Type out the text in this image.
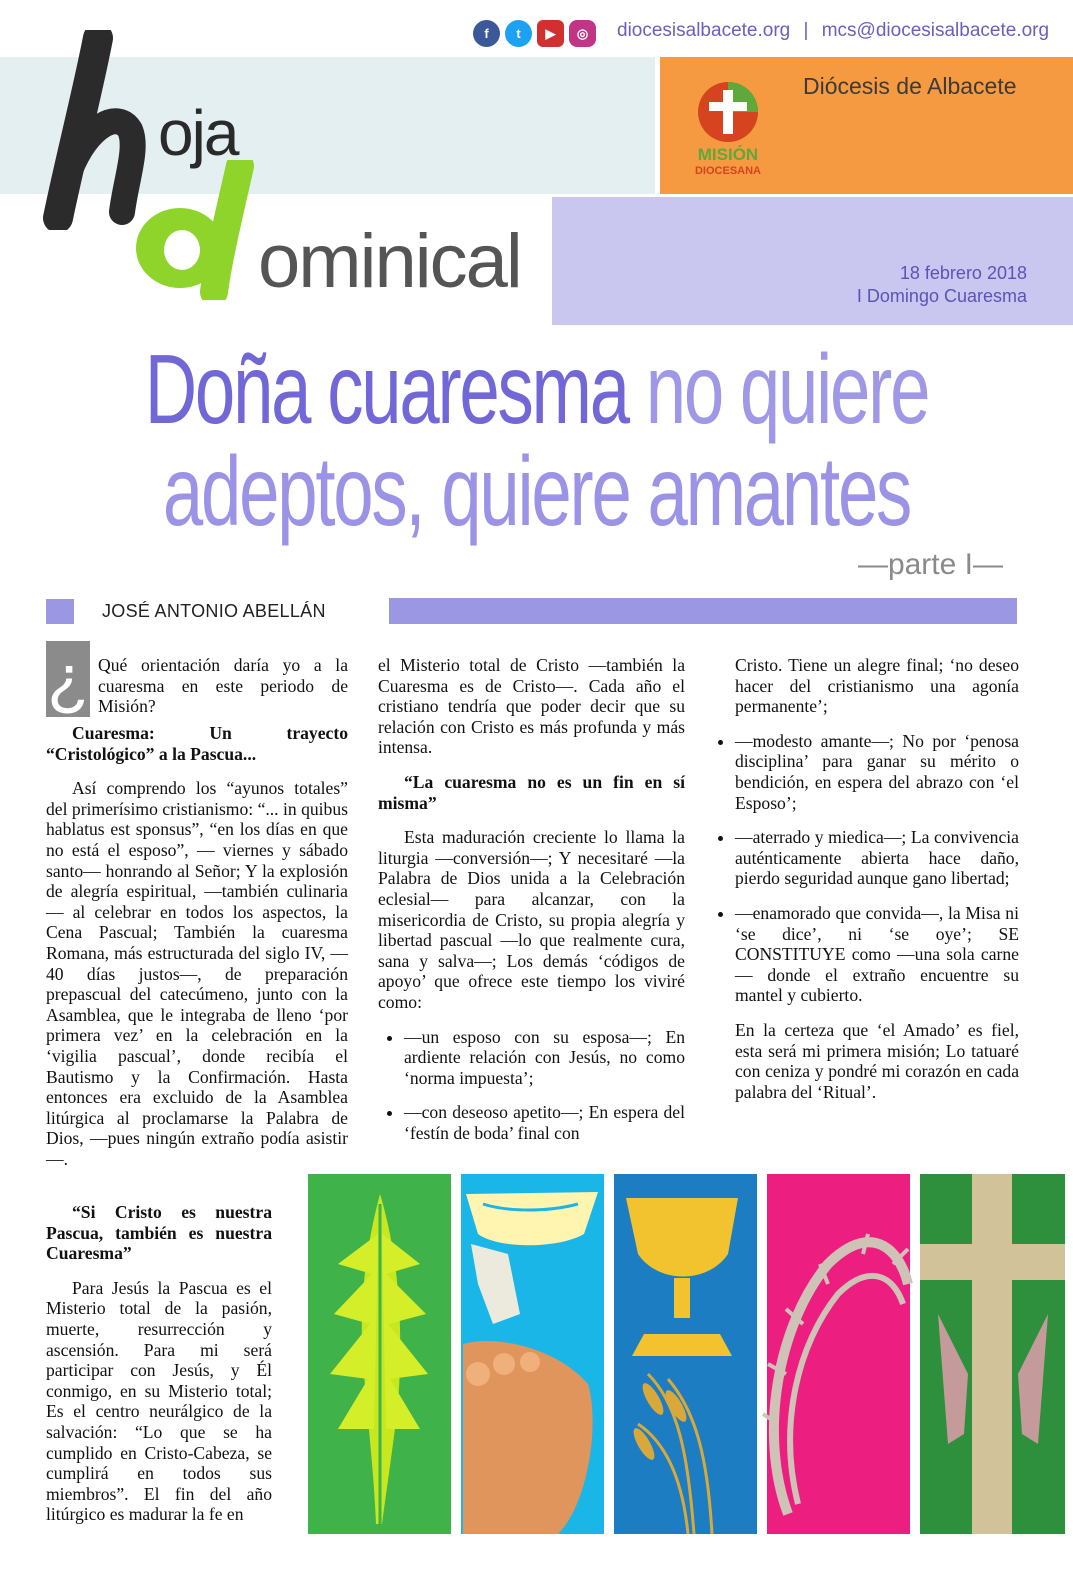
f	t	▶	◎	diocesisalbacete.org | mcs@diocesisalbacete.org
oja
ominical
Diócesis de Albacete
MISIÓN
DIOCESANA
18 febrero 2018
I Domingo Cuaresma
Doña cuaresma no quiere
adeptos, quiere amantes
—parte I—
JOSÉ ANTONIO ABELLÁN
¿ Qué orientación daría yo a la cuaresma en este periodo de Misión?

Cuaresma: Un trayecto “Cristológico” a la Pascua...

Así comprendo los “ayunos totales” del primerísimo cristianismo: “... in quibus hablatus est sponsus”, “en los días en que no está el esposo”, — viernes y sábado santo— honrando al Señor; Y la explosión de alegría espiritual, —también culinaria— al celebrar en todos los aspectos, la Cena Pascual; También la cuaresma Romana, más estructurada del siglo IV, —40 días justos—, de preparación prepascual del catecúmeno, junto con la Asamblea, que le integraba de lleno ‘por primera vez’ en la celebración en la ‘vigilia pascual’, donde recibía el Bautismo y la Confirmación. Hasta entonces era excluido de la Asamblea litúrgica al proclamarse la Palabra de Dios, —pues ningún extraño podía asistir—.

“Si Cristo es nuestra Pascua, también es nuestra Cuaresma”

Para Jesús la Pascua es el Misterio total de la pasión, muerte, resurrección y ascensión. Para mi será participar con Jesús, y Él conmigo, en su Misterio total; Es el centro neurálgico de la salvación: “Lo que se ha cumplido en Cristo-Cabeza, se cumplirá en todos sus miembros”. El fin del año litúrgico es madurar la fe en

el Misterio total de Cristo —también la Cuaresma es de Cristo—. Cada año el cristiano tendría que poder decir que su relación con Cristo es más profunda y más intensa.

“La cuaresma no es un fin en sí misma”

Esta maduración creciente lo llama la liturgia —conversión—; Y necesitaré —la Palabra de Dios unida a la Celebración eclesial— para alcanzar, con la misericordia de Cristo, su propia alegría y libertad pascual —lo que realmente cura, sana y salva—; Los demás ‘códigos de apoyo’ que ofrece este tiempo los viviré como:

• —un esposo con su esposa—; En ardiente relación con Jesús, no como ‘norma impuesta’;
• —con deseoso apetito—; En espera del ‘festín de boda’ final con

Cristo. Tiene un alegre final; ‘no deseo hacer del cristianismo una agonía permanente’;

• —modesto amante—; No por ‘penosa disciplina’ para ganar su mérito o bendición, en espera del abrazo con ‘el Esposo’;
• —aterrado y miedica—; La convivencia auténticamente abierta hace daño, pierdo seguridad aunque gano libertad;
• —enamorado que convida—, la Misa ni ‘se dice’, ni ‘se oye’; SE CONSTITUYE como —una sola carne— donde el extraño encuentre su mantel y cubierto.

En la certeza que ‘el Amado’ es fiel, esta será mi primera misión; Lo tatuaré con ceniza y pondré mi corazón en cada palabra del ‘Ritual’.
